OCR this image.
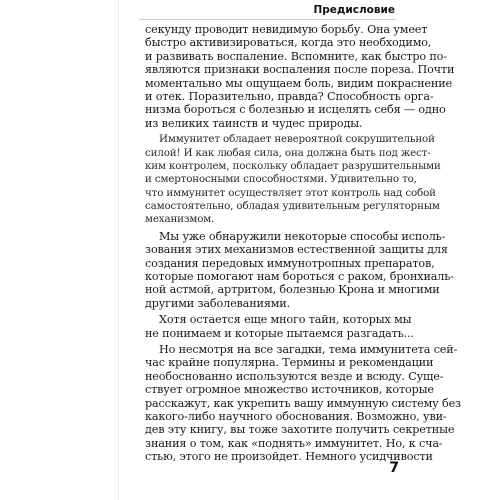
Предисловие
секунду проводит невидимую борьбу. Она умеет
быстро активизироваться, когда это необходимо,
и развивать воспаление. Вспомните, как быстро по-
являются признаки воспаления после пореза. Почти
моментально мы ощущаем боль, видим покраснение
и отек. Поразительно, правда? Способность орга-
низма бороться с болезнью и исцелять себя — одно
из великих таинств и чудес природы.
Иммунитет обладает невероятной сокрушительной
силой! И как любая сила, она должна быть под жест-
ким контролем, поскольку обладает разрушительными
и смертоносными способностями. Удивительно то,
что иммунитет осуществляет этот контроль над собой
самостоятельно, обладая удивительным регуляторным
механизмом.
Мы уже обнаружили некоторые способы исполь-
зования этих механизмов естественной защиты для
создания передовых иммунотропных препаратов,
которые помогают нам бороться с раком, бронхиаль-
ной астмой, артритом, болезнью Крона и многими
другими заболеваниями.
Хотя остается еще много тайн, которых мы
не понимаем и которые пытаемся разгадать...
Но несмотря на все загадки, тема иммунитета сей-
час крайне популярна. Термины и рекомендации
необоснованно используются везде и всюду. Суще-
ствует огромное множество источников, которые
расскажут, как укрепить вашу иммунную систему без
какого-либо научного обоснования. Возможно, уви-
дев эту книгу, вы тоже захотите получить секретные
знания о том, как «поднять» иммунитет. Но, к сча-
стью, этого не произойдет. Немного усидчивости
7
